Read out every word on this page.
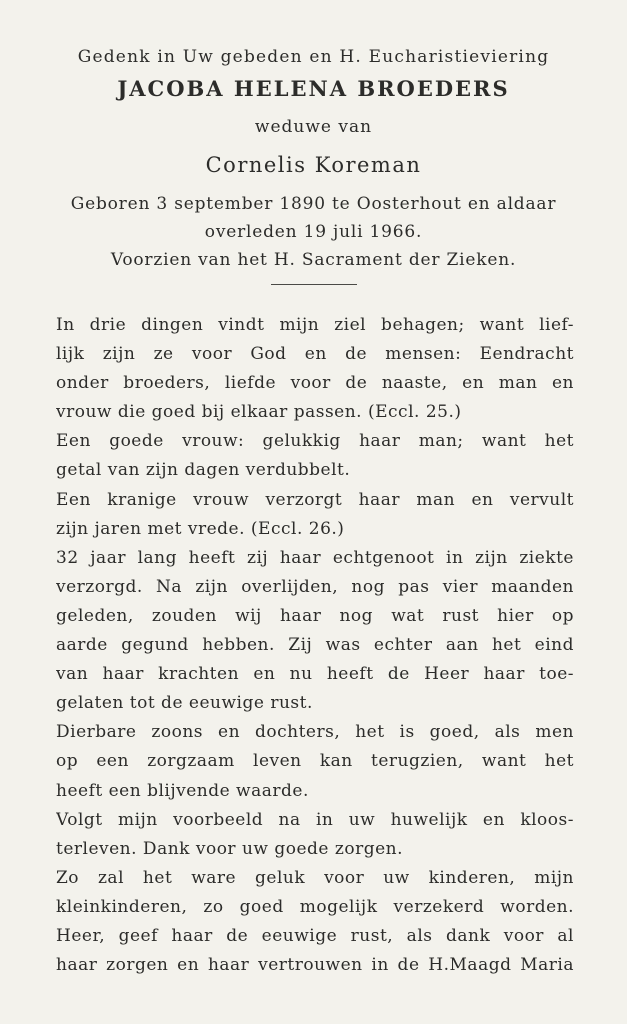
Gedenk in Uw gebeden en H. Eucharistieviering
JACOBA HELENA BROEDERS
weduwe van
Cornelis Koreman
Geboren 3 september 1890 te Oosterhout en aldaar
overleden 19 juli 1966.
Voorzien van het H. Sacrament der Zieken.
In drie dingen vindt mijn ziel behagen; want lief-
lijk zijn ze voor God en de mensen: Eendracht
onder broeders, liefde voor de naaste, en man en
vrouw die goed bij elkaar passen. (Eccl. 25.)
Een goede vrouw: gelukkig haar man; want het
getal van zijn dagen verdubbelt.
Een kranige vrouw verzorgt haar man en vervult
zijn jaren met vrede. (Eccl. 26.)
32 jaar lang heeft zij haar echtgenoot in zijn ziekte
verzorgd. Na zijn overlijden, nog pas vier maanden
geleden, zouden wij haar nog wat rust hier op
aarde gegund hebben. Zij was echter aan het eind
van haar krachten en nu heeft de Heer haar toe-
gelaten tot de eeuwige rust.
Dierbare zoons en dochters, het is goed, als men
op een zorgzaam leven kan terugzien, want het
heeft een blijvende waarde.
Volgt mijn voorbeeld na in uw huwelijk en kloos-
terleven. Dank voor uw goede zorgen.
Zo zal het ware geluk voor uw kinderen, mijn
kleinkinderen, zo goed mogelijk verzekerd worden.
Heer, geef haar de eeuwige rust, als dank voor al
haar zorgen en haar vertrouwen in de H.Maagd Maria
